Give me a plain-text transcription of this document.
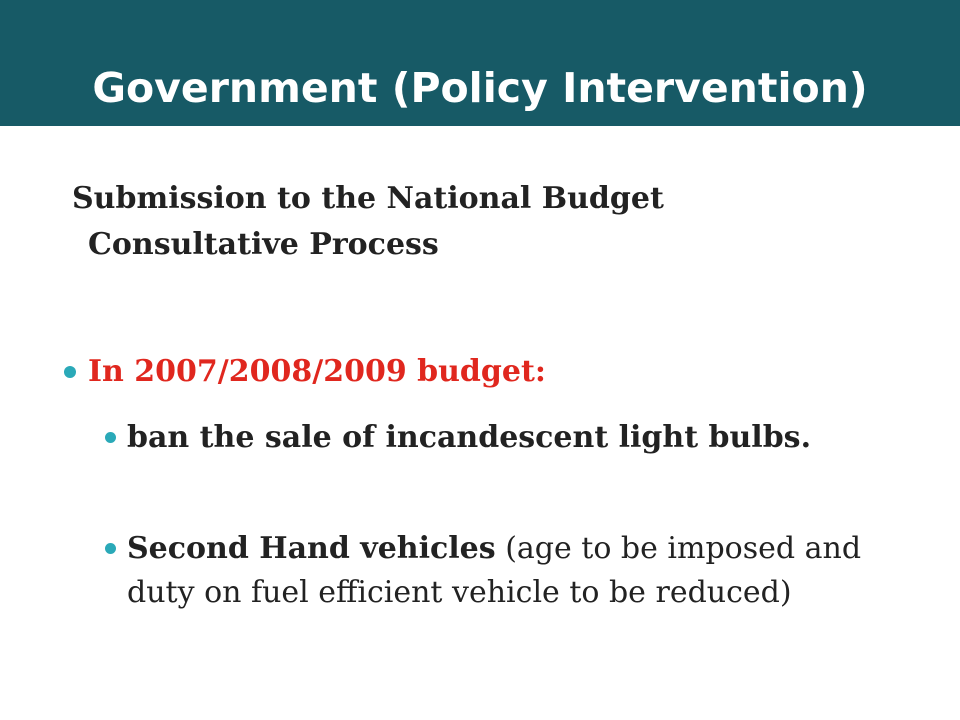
Government (Policy Intervention)
Submission to the National Budget Consultative Process
In 2007/2008/2009 budget:
ban the sale of incandescent light bulbs.
Second Hand vehicles (age to be imposed and duty on fuel efficient vehicle to be reduced)
